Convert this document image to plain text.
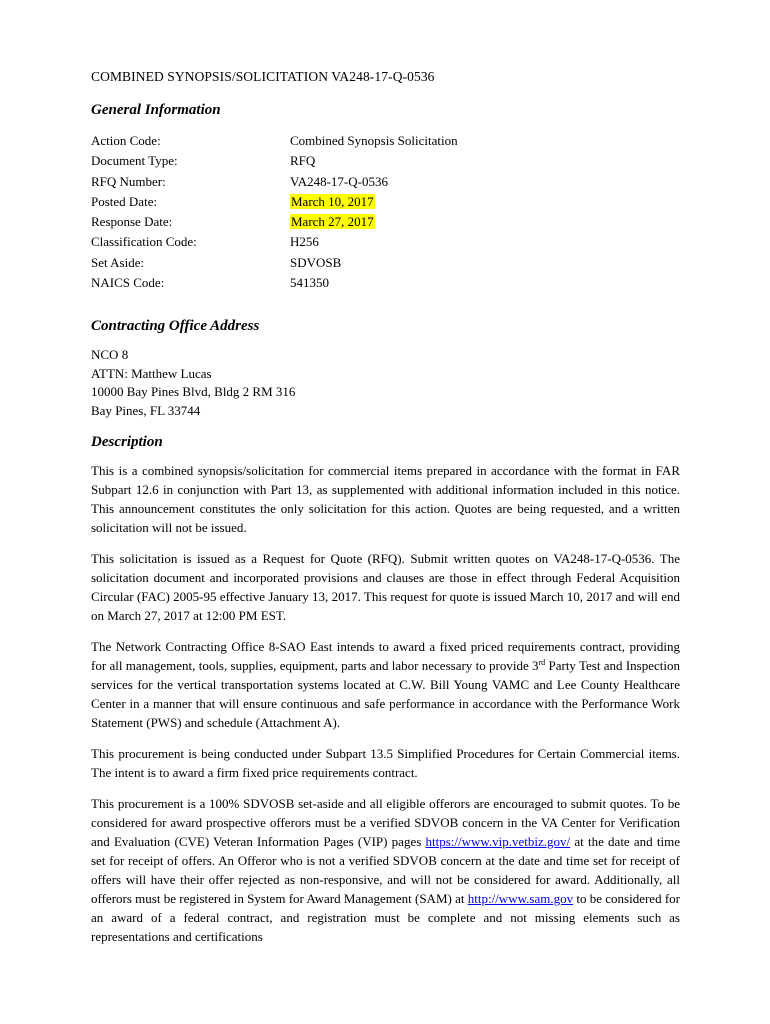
COMBINED SYNOPSIS/SOLICITATION VA248-17-Q-0536
General Information
Action Code:	Combined Synopsis Solicitation
Document Type:	RFQ
RFQ Number:	VA248-17-Q-0536
Posted Date:	March 10, 2017
Response Date:	March 27, 2017
Classification Code:	H256
Set Aside:	SDVOSB
NAICS Code:	541350
Contracting Office Address
NCO 8
ATTN: Matthew Lucas
10000 Bay Pines Blvd, Bldg 2 RM 316
Bay Pines, FL 33744
Description
This is a combined synopsis/solicitation for commercial items prepared in accordance with the format in FAR Subpart 12.6 in conjunction with Part 13, as supplemented with additional information included in this notice. This announcement constitutes the only solicitation for this action. Quotes are being requested, and a written solicitation will not be issued.
This solicitation is issued as a Request for Quote (RFQ). Submit written quotes on VA248-17-Q-0536. The solicitation document and incorporated provisions and clauses are those in effect through Federal Acquisition Circular (FAC) 2005-95 effective January 13, 2017. This request for quote is issued March 10, 2017 and will end on March 27, 2017 at 12:00 PM EST.
The Network Contracting Office 8-SAO East intends to award a fixed priced requirements contract, providing for all management, tools, supplies, equipment, parts and labor necessary to provide 3rd Party Test and Inspection services for the vertical transportation systems located at C.W. Bill Young VAMC and Lee County Healthcare Center in a manner that will ensure continuous and safe performance in accordance with the Performance Work Statement (PWS) and schedule (Attachment A).
This procurement is being conducted under Subpart 13.5 Simplified Procedures for Certain Commercial items. The intent is to award a firm fixed price requirements contract.
This procurement is a 100% SDVOSB set-aside and all eligible offerors are encouraged to submit quotes. To be considered for award prospective offerors must be a verified SDVOB concern in the VA Center for Verification and Evaluation (CVE) Veteran Information Pages (VIP) pages https://www.vip.vetbiz.gov/ at the date and time set for receipt of offers. An Offeror who is not a verified SDVOB concern at the date and time set for receipt of offers will have their offer rejected as non-responsive, and will not be considered for award. Additionally, all offerors must be registered in System for Award Management (SAM) at http://www.sam.gov to be considered for an award of a federal contract, and registration must be complete and not missing elements such as representations and certifications
